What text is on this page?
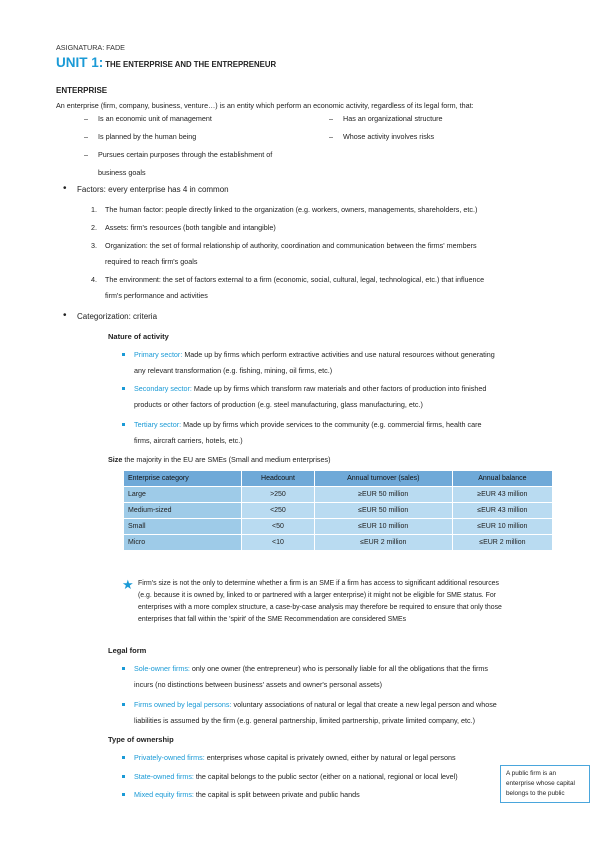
ASIGNATURA: FADE
UNIT 1: THE ENTERPRISE AND THE ENTREPRENEUR
ENTERPRISE
An enterprise (firm, company, business, venture…) is an entity which perform an economic activity, regardless of its legal form, that:
– Is an economic unit of management
– Is planned by the human being
– Pursues certain purposes through the establishment of
business goals
– Has an organizational structure
– Whose activity involves risks
• Factors: every enterprise has 4 in common
1. The human factor: people directly linked to the organization (e.g. workers, owners, managements, shareholders, etc.)
2. Assets: firm's resources (both tangible and intangible)
3. Organization: the set of formal relationship of authority, coordination and communication between the firms' members
required to reach firm's goals
4. The environment: the set of factors external to a firm (economic, social, cultural, legal, technological, etc.) that influence
firm's performance and activities
• Categorization: criteria
Nature of activity
Primary sector: Made up by firms which perform extractive activities and use natural resources without generating
any relevant transformation (e.g. fishing, mining, oil firms, etc.)
Secondary sector: Made up by firms which transform raw materials and other factors of production into finished
products or other factors of production (e.g. steel manufacturing, glass manufacturing, etc.)
Tertiary sector: Made up by firms which provide services to the community (e.g. commercial firms, health care
firms, aircraft carriers, hotels, etc.)
Size the majority in the EU are SMEs (Small and medium enterprises)
Enterprise category	Headcount	Annual turnover (sales)	Annual balance
Large	>250	≥EUR 50 million	≥EUR 43 million
Medium-sized	<250	≤EUR 50 million	≤EUR 43 million
Small	<50	≤EUR 10 million	≤EUR 10 million
Micro	<10	≤EUR 2 million	≤EUR 2 million
★ Firm's size is not the only to determine whether a firm is an SME if a firm has access to significant additional resources
(e.g. because it is owned by, linked to or partnered with a larger enterprise) it might not be eligible for SME status. For
enterprises with a more complex structure, a case-by-case analysis may therefore be required to ensure that only those
enterprises that fall within the 'spirit' of the SME Recommendation are considered SMEs
Legal form
Sole-owner firms: only one owner (the entrepreneur) who is personally liable for all the obligations that the firms
incurs (no distinctions between business' assets and owner's personal assets)
Firms owned by legal persons: voluntary associations of natural or legal that create a new legal person and whose
liabilities is assumed by the firm (e.g. general partnership, limited partnership, private limited company, etc.)
Type of ownership
Privately-owned firms: enterprises whose capital is privately owned, either by natural or legal persons
State-owned firms: the capital belongs to the public sector (either on a national, regional or local level)
Mixed equity firms: the capital is split between private and public hands
A public firm is an enterprise whose capital belongs to the public
